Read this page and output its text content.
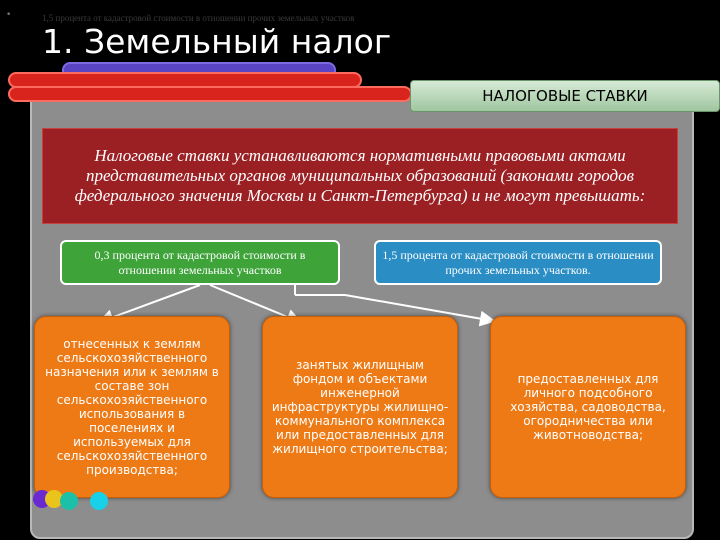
•	1,5 процента от кадастровой стоимости в отношении прочих земельных участков
1. Земельный налог
НАЛОГОВЫЕ СТАВКИ
Налоговые ставки устанавливаются нормативными правовыми актами представительных органов муниципальных образований (законами городов федерального значения Москвы и Санкт-Петербурга) и не могут превышать:
0,3 процента от кадастровой стоимости в отношении земельных участков
1,5 процента от кадастровой стоимости в отношении прочих земельных участков.
отнесенных к землям сельскохозяйственного назначения или к землям в составе зон сельскохозяйственного использования в поселениях и используемых для сельскохозяйственного производства;
занятых жилищным фондом и объектами инженерной инфраструктуры жилищно-коммунального комплекса или предоставленных для жилищного строительства;
предоставленных для личного подсобного хозяйства, садоводства, огородничества или животноводства;
